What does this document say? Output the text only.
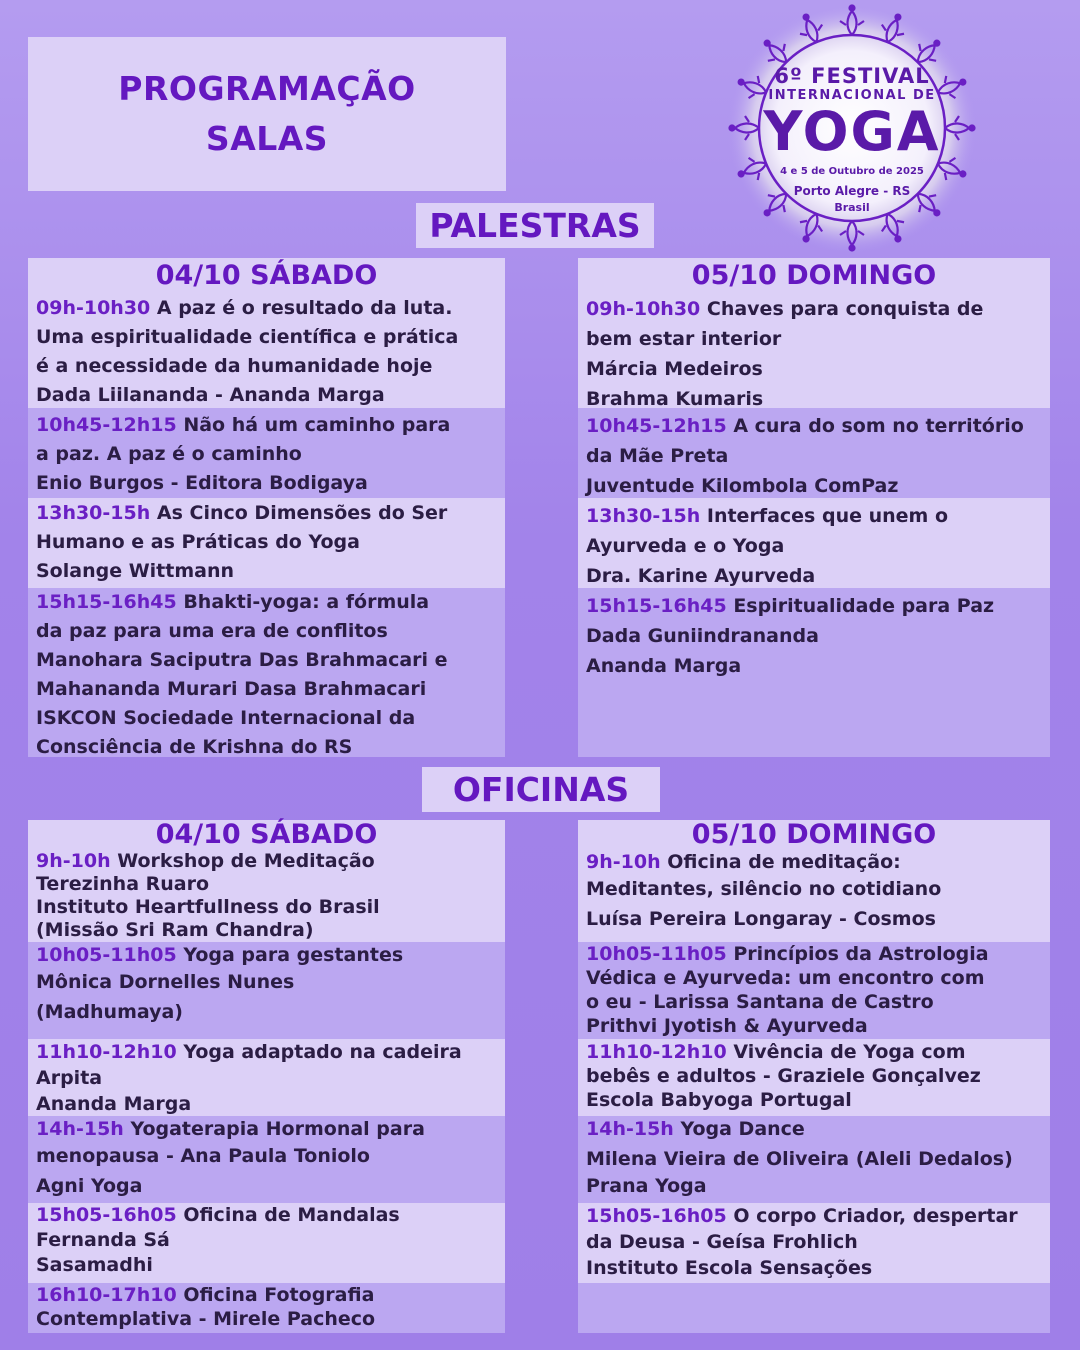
PROGRAMAÇÃO
SALAS
6º FESTIVAL
INTERNACIONAL DE
YOGA
4 e 5 de Outubro de 2025
Porto Alegre - RS
Brasil
PALESTRAS
04/10 SÁBADO
09h-10h30 A paz é o resultado da luta.
Uma espiritualidade científica e prática
é a necessidade da humanidade hoje
Dada Liilananda - Ananda Marga
10h45-12h15 Não há um caminho para
a paz. A paz é o caminho
Enio Burgos - Editora Bodigaya
13h30-15h As Cinco Dimensões do Ser
Humano e as Práticas do Yoga
Solange Wittmann
15h15-16h45 Bhakti-yoga: a fórmula
da paz para uma era de conflitos
Manohara Saciputra Das Brahmacari e
Mahananda Murari Dasa Brahmacari
ISKCON Sociedade Internacional da
Consciência de Krishna do RS
05/10 DOMINGO
09h-10h30 Chaves para conquista de
bem estar interior
Márcia Medeiros
Brahma Kumaris
10h45-12h15 A cura do som no território
da Mãe Preta
Juventude Kilombola ComPaz
13h30-15h Interfaces que unem o
Ayurveda e o Yoga
Dra. Karine Ayurveda
15h15-16h45 Espiritualidade para Paz
Dada Guniindrananda
Ananda Marga
OFICINAS
04/10 SÁBADO
9h-10h Workshop de Meditação
Terezinha Ruaro
Instituto Heartfullness do Brasil
(Missão Sri Ram Chandra)
10h05-11h05 Yoga para gestantes
Mônica Dornelles Nunes
(Madhumaya)
11h10-12h10 Yoga adaptado na cadeira
Arpita
Ananda Marga
14h-15h Yogaterapia Hormonal para
menopausa - Ana Paula Toniolo
Agni Yoga
15h05-16h05 Oficina de Mandalas
Fernanda Sá
Sasamadhi
16h10-17h10 Oficina Fotografia
Contemplativa - Mirele Pacheco
05/10 DOMINGO
9h-10h Oficina de meditação:
Meditantes, silêncio no cotidiano
Luísa Pereira Longaray - Cosmos
10h05-11h05 Princípios da Astrologia
Védica e Ayurveda: um encontro com
o eu - Larissa Santana de Castro
Prithvi Jyotish & Ayurveda
11h10-12h10 Vivência de Yoga com
bebês e adultos - Graziele Gonçalvez
Escola Babyoga Portugal
14h-15h Yoga Dance
Milena Vieira de Oliveira (Aleli Dedalos)
Prana Yoga
15h05-16h05 O corpo Criador, despertar
da Deusa - Geísa Frohlich
Instituto Escola Sensações
